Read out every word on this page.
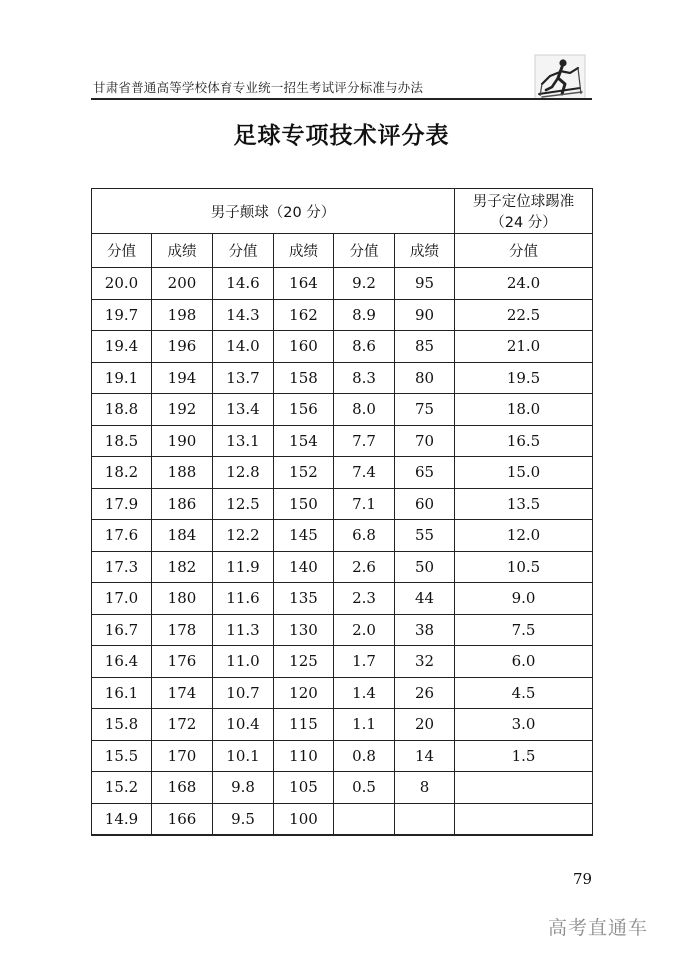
甘肃省普通高等学校体育专业统一招生考试评分标准与办法
足球专项技术评分表
男子颠球（20 分）						男子定位球踢准
（24 分）

分值	成绩	分值	成绩	分值	成绩	分值
20.0	200	14.6	164	9.2	95	24.0
19.7	198	14.3	162	8.9	90	22.5
19.4	196	14.0	160	8.6	85	21.0
19.1	194	13.7	158	8.3	80	19.5
18.8	192	13.4	156	8.0	75	18.0
18.5	190	13.1	154	7.7	70	16.5
18.2	188	12.8	152	7.4	65	15.0
17.9	186	12.5	150	7.1	60	13.5
17.6	184	12.2	145	6.8	55	12.0
17.3	182	11.9	140	2.6	50	10.5
17.0	180	11.6	135	2.3	44	9.0
16.7	178	11.3	130	2.0	38	7.5
16.4	176	11.0	125	1.7	32	6.0
16.1	174	10.7	120	1.4	26	4.5
15.8	172	10.4	115	1.1	20	3.0
15.5	170	10.1	110	0.8	14	1.5
15.2	168	9.8	105	0.5	8	
14.9	166	9.5	100			
79
高考直通车
